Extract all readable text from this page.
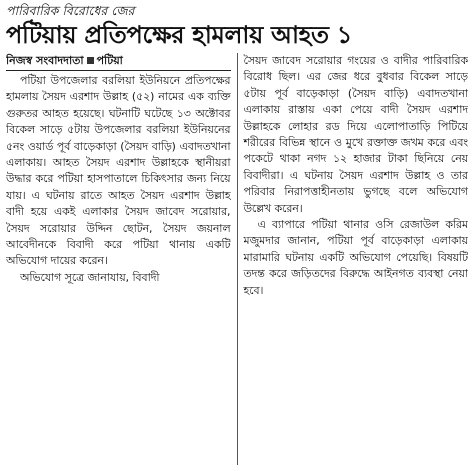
পারিবারিক বিরোধের জের
পটিয়ায় প্রতিপক্ষের হামলায় আহত ১
নিজস্ব সংবাদদাতা পটিয়া

পটিয়া উপজেলার বরলিয়া ইউনিয়নে প্রতিপক্ষের হামলায় সৈয়দ এরশাদ উল্লাহ (৫২) নামের এক ব্যক্তি গুরুতর আহত হয়েছে। ঘটনাটি ঘটেছে ১৩ অক্টোবর বিকেল সাড়ে ৫টায় উপজেলার বরলিয়া ইউনিয়নের ৫নং ওয়ার্ড পূর্ব বাড়েকাড়া (সৈয়দ বাড়ি) এবাদতখানা এলাকায়। আহত সৈয়দ এরশাদ উল্লাহকে স্থানীয়রা উদ্ধার করে পটিয়া হাসপাতালে চিকিৎসার জন্য নিয়ে যায়। এ ঘটনায় রাতে আহত সৈয়দ এরশাদ উল্লাহ বাদী হয়ে একই এলাকার সৈয়দ জাবেদ সরোয়ার, সৈয়দ সরোয়ার উদ্দিন ছোটন, সৈয়দ জয়নাল আবেদীনকে বিবাদী করে পটিয়া থানায় একটি অভিযোগ দায়ের করেন।

অভিযোগ সূত্রে জানাযায়, বিবাদী

সৈয়দ জাবেদ সরোয়ার গংয়ের ও বাদীর পারিবারিক বিরোধ ছিল। এর জের ধরে বুধবার বিকেল সাড়ে ৫টায় পূর্ব বাড়েকাড়া (সৈয়দ বাড়ি) এবাদতখানা এলাকায় রাস্তায় একা পেয়ে বাদী সৈয়দ এরশাদ উল্লাহকে লোহার রড দিয়ে এলোপাতাড়ি পিটিয়ে শরীরের বিভিন্ন স্থানে ও মুখে রক্তাক্ত জখম করে এবং পকেটে থাকা নগদ ১২ হাজার টাকা ছিনিয়ে নেয় বিবাদীরা। এ ঘটনায় সৈয়দ এরশাদ উল্লাহ ও তার পরিবার নিরাপত্তাহীনতায় ভুগছে বলে অভিযোগ উল্লেখ করেন।

এ ব্যাপারে পটিয়া থানার ওসি রেজাউল করিম মজুমদার জানান, পটিয়া পূর্ব বাড়েকাড়া এলাকায় মারামারি ঘটনায় একটি অভিযোগ পেয়েছি। বিষয়টি তদন্ত করে জড়িতদের বিরুদ্ধে আইনগত ব্যবস্থা নেয়া হবে।
